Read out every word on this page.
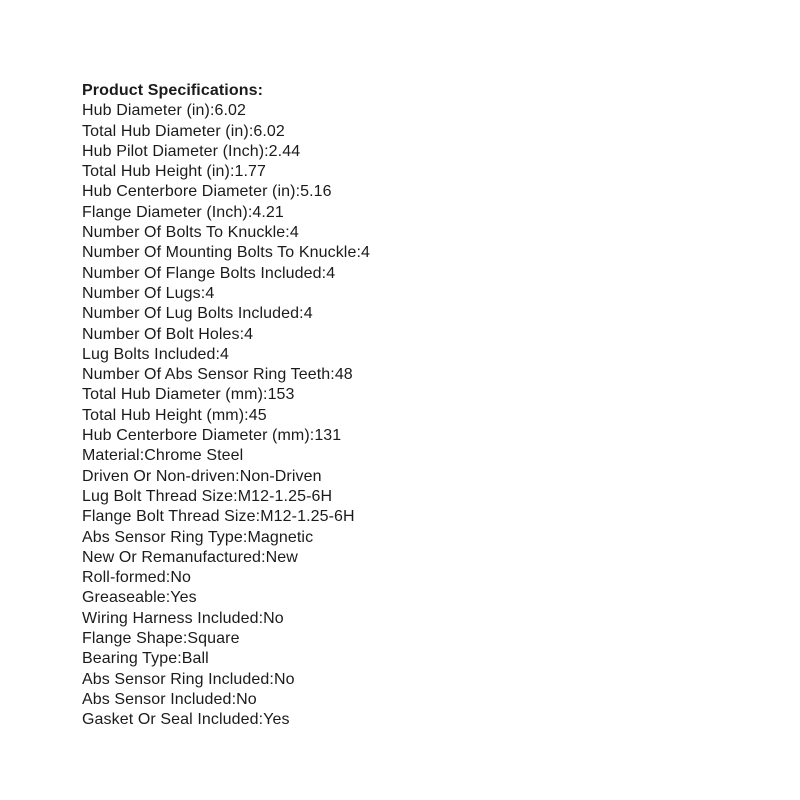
Product Specifications:
Hub Diameter (in):6.02
Total Hub Diameter (in):6.02
Hub Pilot Diameter (Inch):2.44
Total Hub Height (in):1.77
Hub Centerbore Diameter (in):5.16
Flange Diameter (Inch):4.21
Number Of Bolts To Knuckle:4
Number Of Mounting Bolts To Knuckle:4
Number Of Flange Bolts Included:4
Number Of Lugs:4
Number Of Lug Bolts Included:4
Number Of Bolt Holes:4
Lug Bolts Included:4
Number Of Abs Sensor Ring Teeth:48
Total Hub Diameter (mm):153
Total Hub Height (mm):45
Hub Centerbore Diameter (mm):131
Material:Chrome Steel
Driven Or Non-driven:Non-Driven
Lug Bolt Thread Size:M12-1.25-6H
Flange Bolt Thread Size:M12-1.25-6H
Abs Sensor Ring Type:Magnetic
New Or Remanufactured:New
Roll-formed:No
Greaseable:Yes
Wiring Harness Included:No
Flange Shape:Square
Bearing Type:Ball
Abs Sensor Ring Included:No
Abs Sensor Included:No
Gasket Or Seal Included:Yes
